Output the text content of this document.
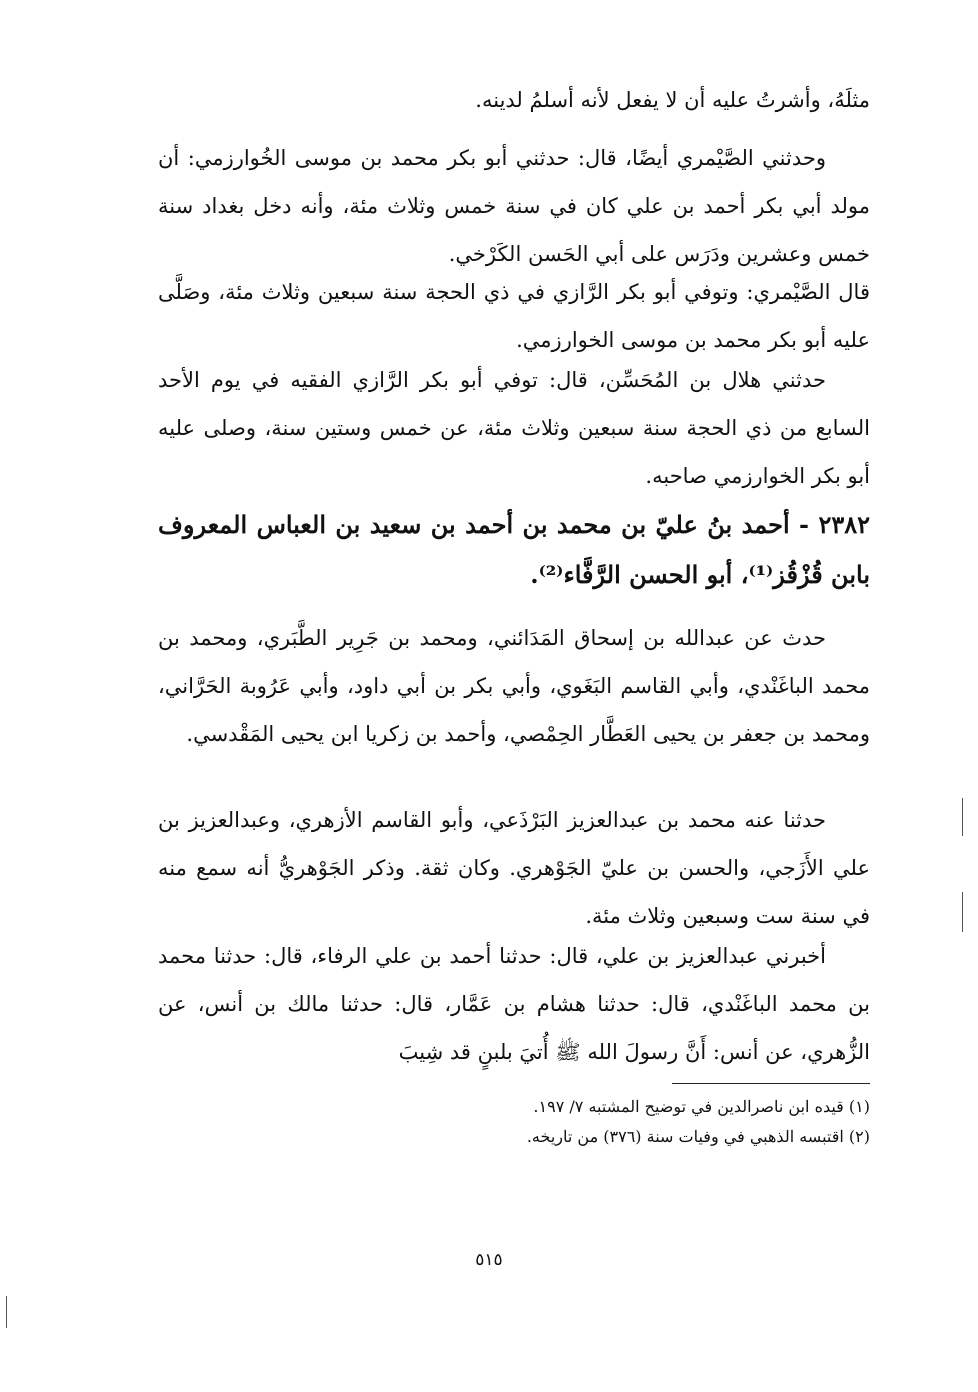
مثلَهُ، وأشرتُ عليه أن لا يفعل لأنه أسلمُ لدينه.

وحدثني الصَّيْمري أيضًا، قال: حدثني أبو بكر محمد بن موسى الخُوارزمي: أن مولد أبي بكر أحمد بن علي كان في سنة خمس وثلاث مئة، وأنه دخل بغداد سنة خمس وعشرين ودَرَس على أبي الحَسن الكَرْخي.

قال الصَّيْمري: وتوفي أبو بكر الرَّازي في ذي الحجة سنة سبعين وثلاث مئة، وصَلَّى عليه أبو بكر محمد بن موسى الخوارزمي.

حدثني هلال بن المُحَسِّن، قال: توفي أبو بكر الرَّازي الفقيه في يوم الأحد السابع من ذي الحجة سنة سبعين وثلاث مئة، عن خمس وستين سنة، وصلى عليه أبو بكر الخوارزمي صاحبه.

٢٣٨٢ - أحمد بنُ عليّ بن محمد بن أحمد بن سعيد بن العباس المعروف بابن قُزْقُز⁽¹⁾، أبو الحسن الرَّفَّاء⁽²⁾.

حدث عن عبدالله بن إسحاق المَدَائني، ومحمد بن جَرِير الطَّبَري، ومحمد بن محمد الباغَنْدي، وأبي القاسم البَغَوي، وأبي بكر بن أبي داود، وأبي عَرُوبة الحَرَّاني، ومحمد بن جعفر بن يحيى العَطَّار الحِمْصي، وأحمد بن زكريا ابن يحيى المَقْدسي.

حدثنا عنه محمد بن عبدالعزيز البَرْذَعي، وأبو القاسم الأزهري، وعبدالعزيز بن علي الأَزَجي، والحسن بن عليّ الجَوْهري. وكان ثقة. وذكر الجَوْهريُّ أنه سمع منه في سنة ست وسبعين وثلاث مئة.

أخبرني عبدالعزيز بن علي، قال: حدثنا أحمد بن علي الرفاء، قال: حدثنا محمد بن محمد الباغَنْدي، قال: حدثنا هشام بن عَمَّار، قال: حدثنا مالك بن أنس، عن الزُّهري، عن أنس: أَنَّ رسولَ الله ﷺ أُتيَ بلبنٍ قد شِيبَ

(١) قيده ابن ناصرالدين في توضيح المشتبه ٧/ ١٩٧.

(٢) اقتبسه الذهبي في وفيات سنة (٣٧٦) من تاريخه.

٥١٥
